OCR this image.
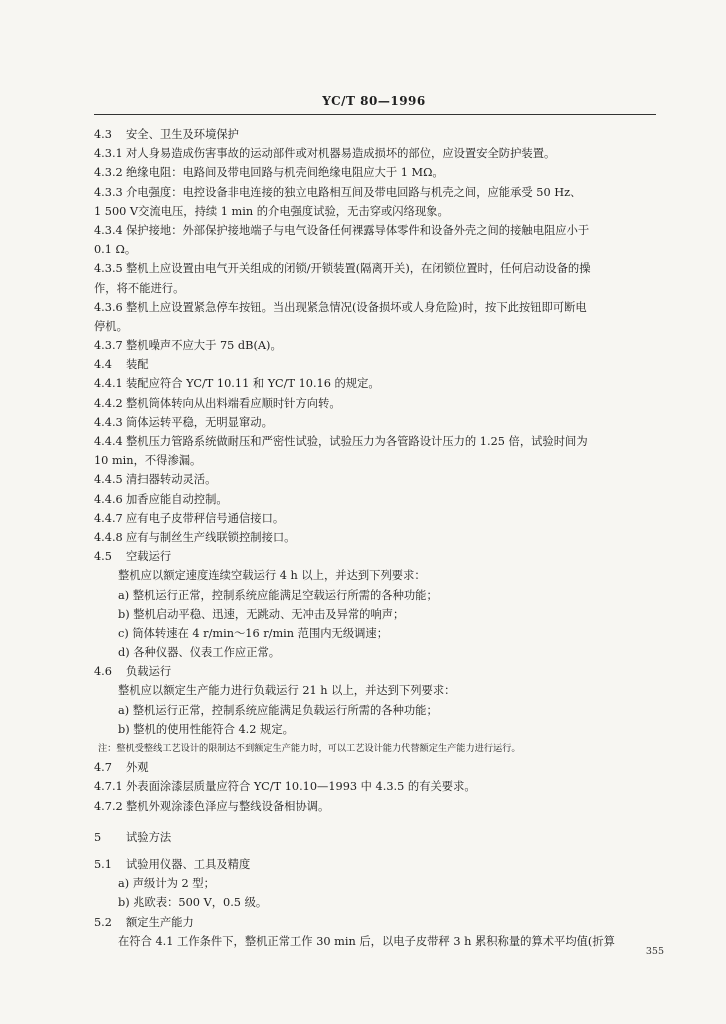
YC/T 80—1996
4.3 安全、卫生及环境保护
4.3.1 对人身易造成伤害事故的运动部件或对机器易造成损坏的部位，应设置安全防护装置。
4.3.2 绝缘电阻：电路间及带电回路与机壳间绝缘电阻应大于 1 MΩ。
4.3.3 介电强度：电控设备非电连接的独立电路相互间及带电回路与机壳之间，应能承受 50 Hz、
1 500 V交流电压，持续 1 min 的介电强度试验，无击穿或闪络现象。
4.3.4 保护接地：外部保护接地端子与电气设备任何裸露导体零件和设备外壳之间的接触电阻应小于
0.1 Ω。
4.3.5 整机上应设置由电气开关组成的闭锁/开锁装置(隔离开关)，在闭锁位置时，任何启动设备的操
作，将不能进行。
4.3.6 整机上应设置紧急停车按钮。当出现紧急情况(设备损坏或人身危险)时，按下此按钮即可断电
停机。
4.3.7 整机噪声不应大于 75 dB(A)。
4.4 装配
4.4.1 装配应符合 YC/T 10.11 和 YC/T 10.16 的规定。
4.4.2 整机筒体转向从出料端看应顺时针方向转。
4.4.3 筒体运转平稳，无明显窜动。
4.4.4 整机压力管路系统做耐压和严密性试验，试验压力为各管路设计压力的 1.25 倍，试验时间为
10 min，不得渗漏。
4.4.5 清扫器转动灵活。
4.4.6 加香应能自动控制。
4.4.7 应有电子皮带秤信号通信接口。
4.4.8 应有与制丝生产线联锁控制接口。
4.5 空载运行
整机应以额定速度连续空载运行 4 h 以上，并达到下列要求：
a) 整机运行正常，控制系统应能满足空载运行所需的各种功能；
b) 整机启动平稳、迅速，无跳动、无冲击及异常的响声；
c) 筒体转速在 4 r/min～16 r/min 范围内无级调速；
d) 各种仪器、仪表工作应正常。
4.6 负载运行
整机应以额定生产能力进行负载运行 21 h 以上，并达到下列要求：
a) 整机运行正常，控制系统应能满足负载运行所需的各种功能；
b) 整机的使用性能符合 4.2 规定。
注：整机受整线工艺设计的限制达不到额定生产能力时，可以工艺设计能力代替额定生产能力进行运行。
4.7 外观
4.7.1 外表面涂漆层质量应符合 YC/T 10.10—1993 中 4.3.5 的有关要求。
4.7.2 整机外观涂漆色泽应与整线设备相协调。
5 试验方法
5.1 试验用仪器、工具及精度
a) 声级计为 2 型；
b) 兆欧表：500 V，0.5 级。
5.2 额定生产能力
在符合 4.1 工作条件下，整机正常工作 30 min 后，以电子皮带秤 3 h 累积称量的算术平均值(折算
355
